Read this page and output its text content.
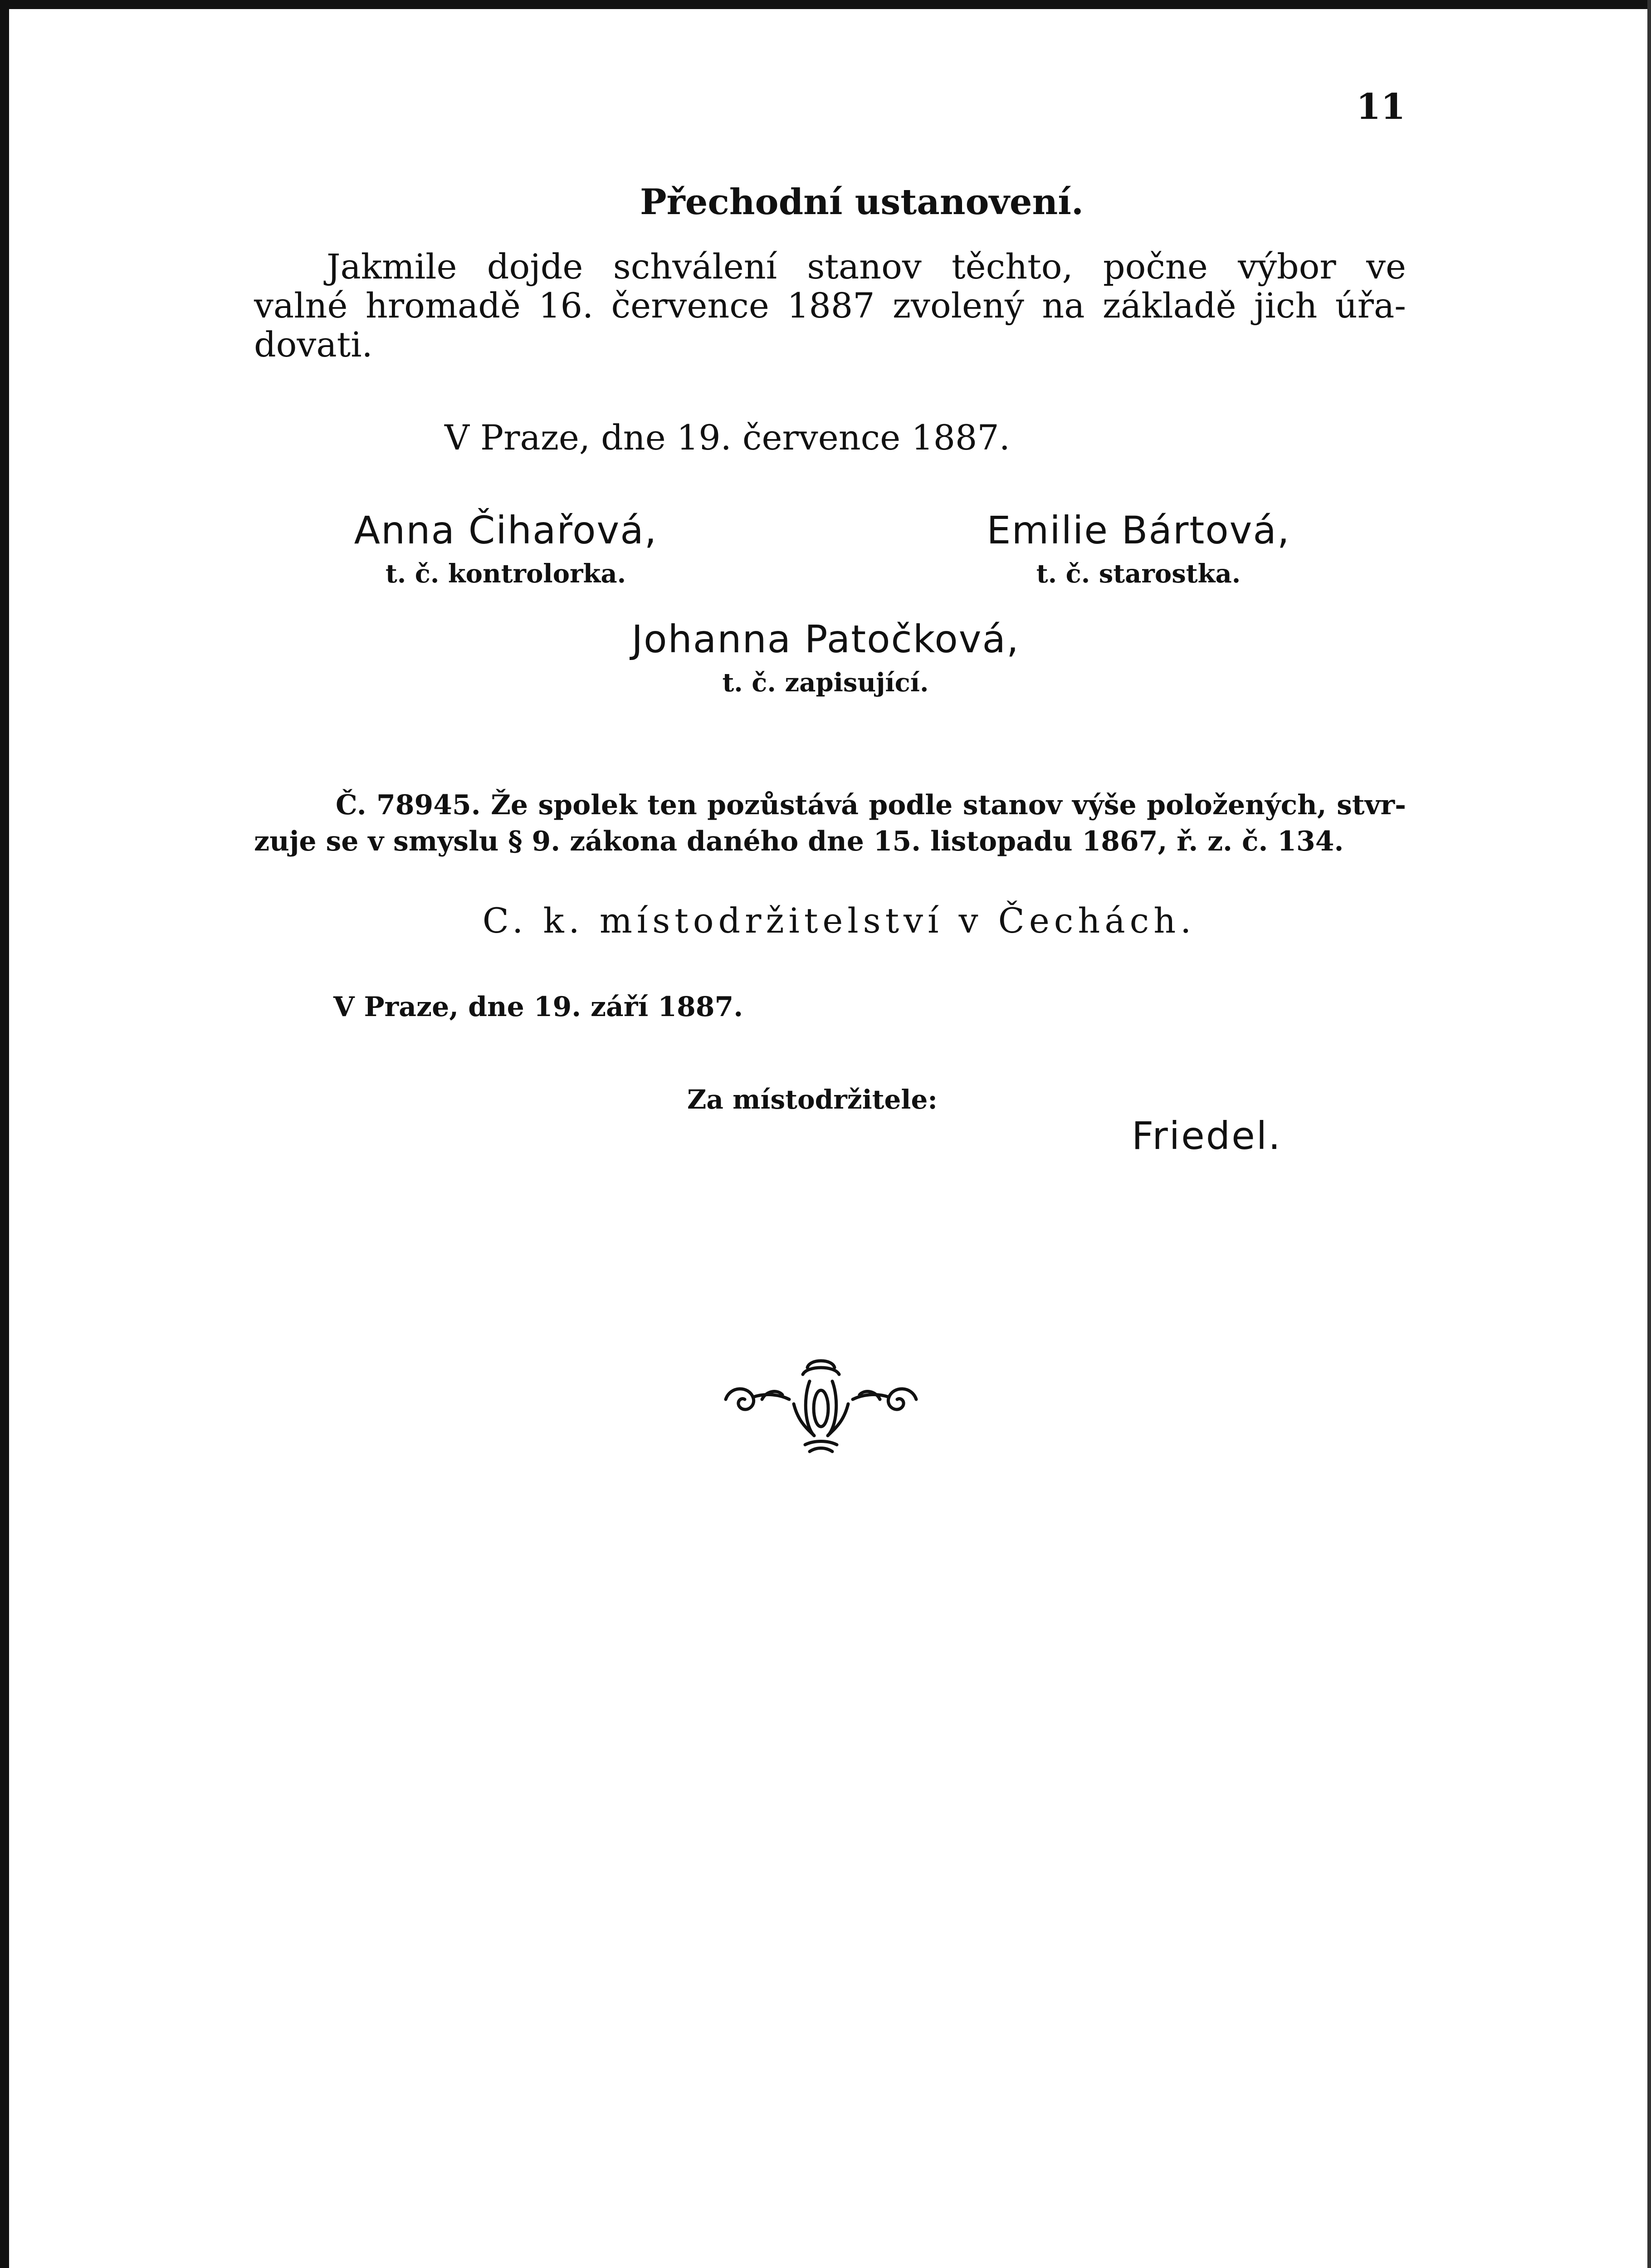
11
Přechodní ustanovení.
Jakmile dojde schválení stanov těchto, počne výbor ve
valné hromadě 16. července 1887 zvolený na základě jich úřa-
dovati.
V Praze, dne 19. července 1887.
Anna Čihařová,
t. č. kontrolorka.
Emilie Bártová,
t. č. starostka.
Johanna Patočková,
t. č. zapisující.
Č. 78945. Že spolek ten pozůstává podle stanov výše položených, stvr-
zuje se v smyslu § 9. zákona daného dne 15. listopadu 1867, ř. z. č. 134.
C. k. místodržitelství v Čechách.
V Praze, dne 19. září 1887.
Za místodržitele:
Friedel.
